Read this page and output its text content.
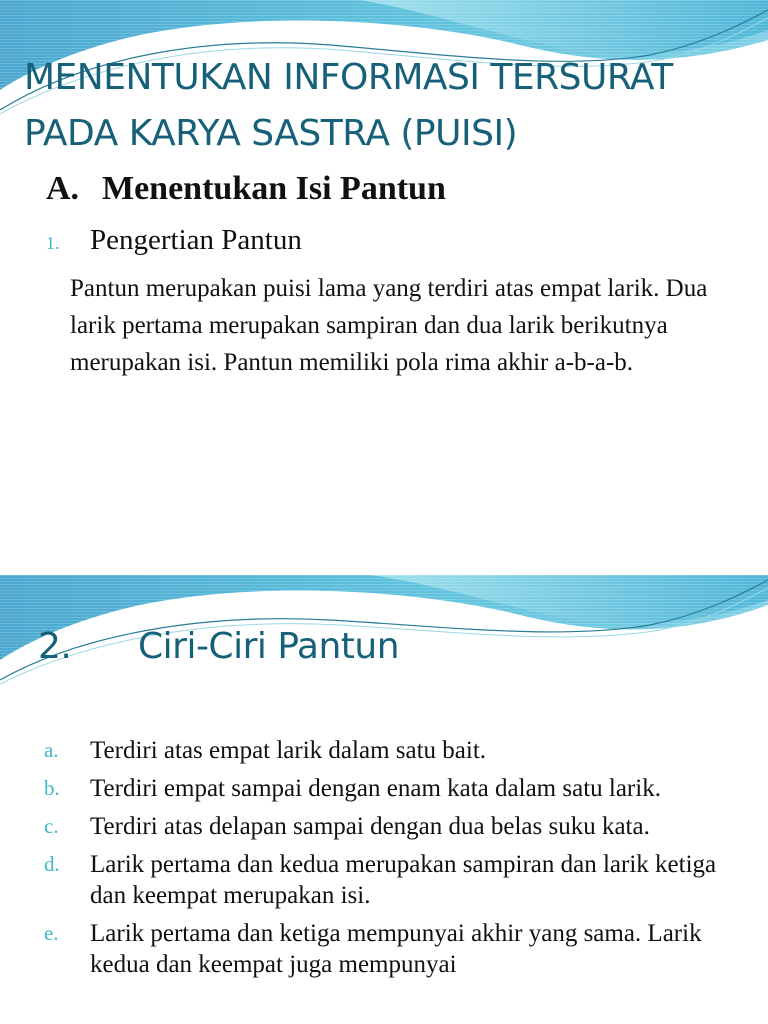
MENENTUKAN INFORMASI TERSURAT
PADA KARYA SASTRA (PUISI)
A. Menentukan Isi Pantun
1. Pengertian Pantun

Pantun merupakan puisi lama yang terdiri atas empat larik. Dua larik pertama merupakan sampiran dan dua larik berikutnya merupakan isi. Pantun memiliki pola rima akhir a-b-a-b.

2. Ciri-Ciri Pantun
a.	Terdiri atas empat larik dalam satu bait.
b.	Terdiri empat sampai dengan enam kata dalam satu larik.
c.	Terdiri atas delapan sampai dengan dua belas suku kata.
d.	Larik pertama dan kedua merupakan sampiran dan larik ketiga dan keempat merupakan isi.
e.	Larik pertama dan ketiga mempunyai akhir yang sama. Larik kedua dan keempat juga mempunyai
